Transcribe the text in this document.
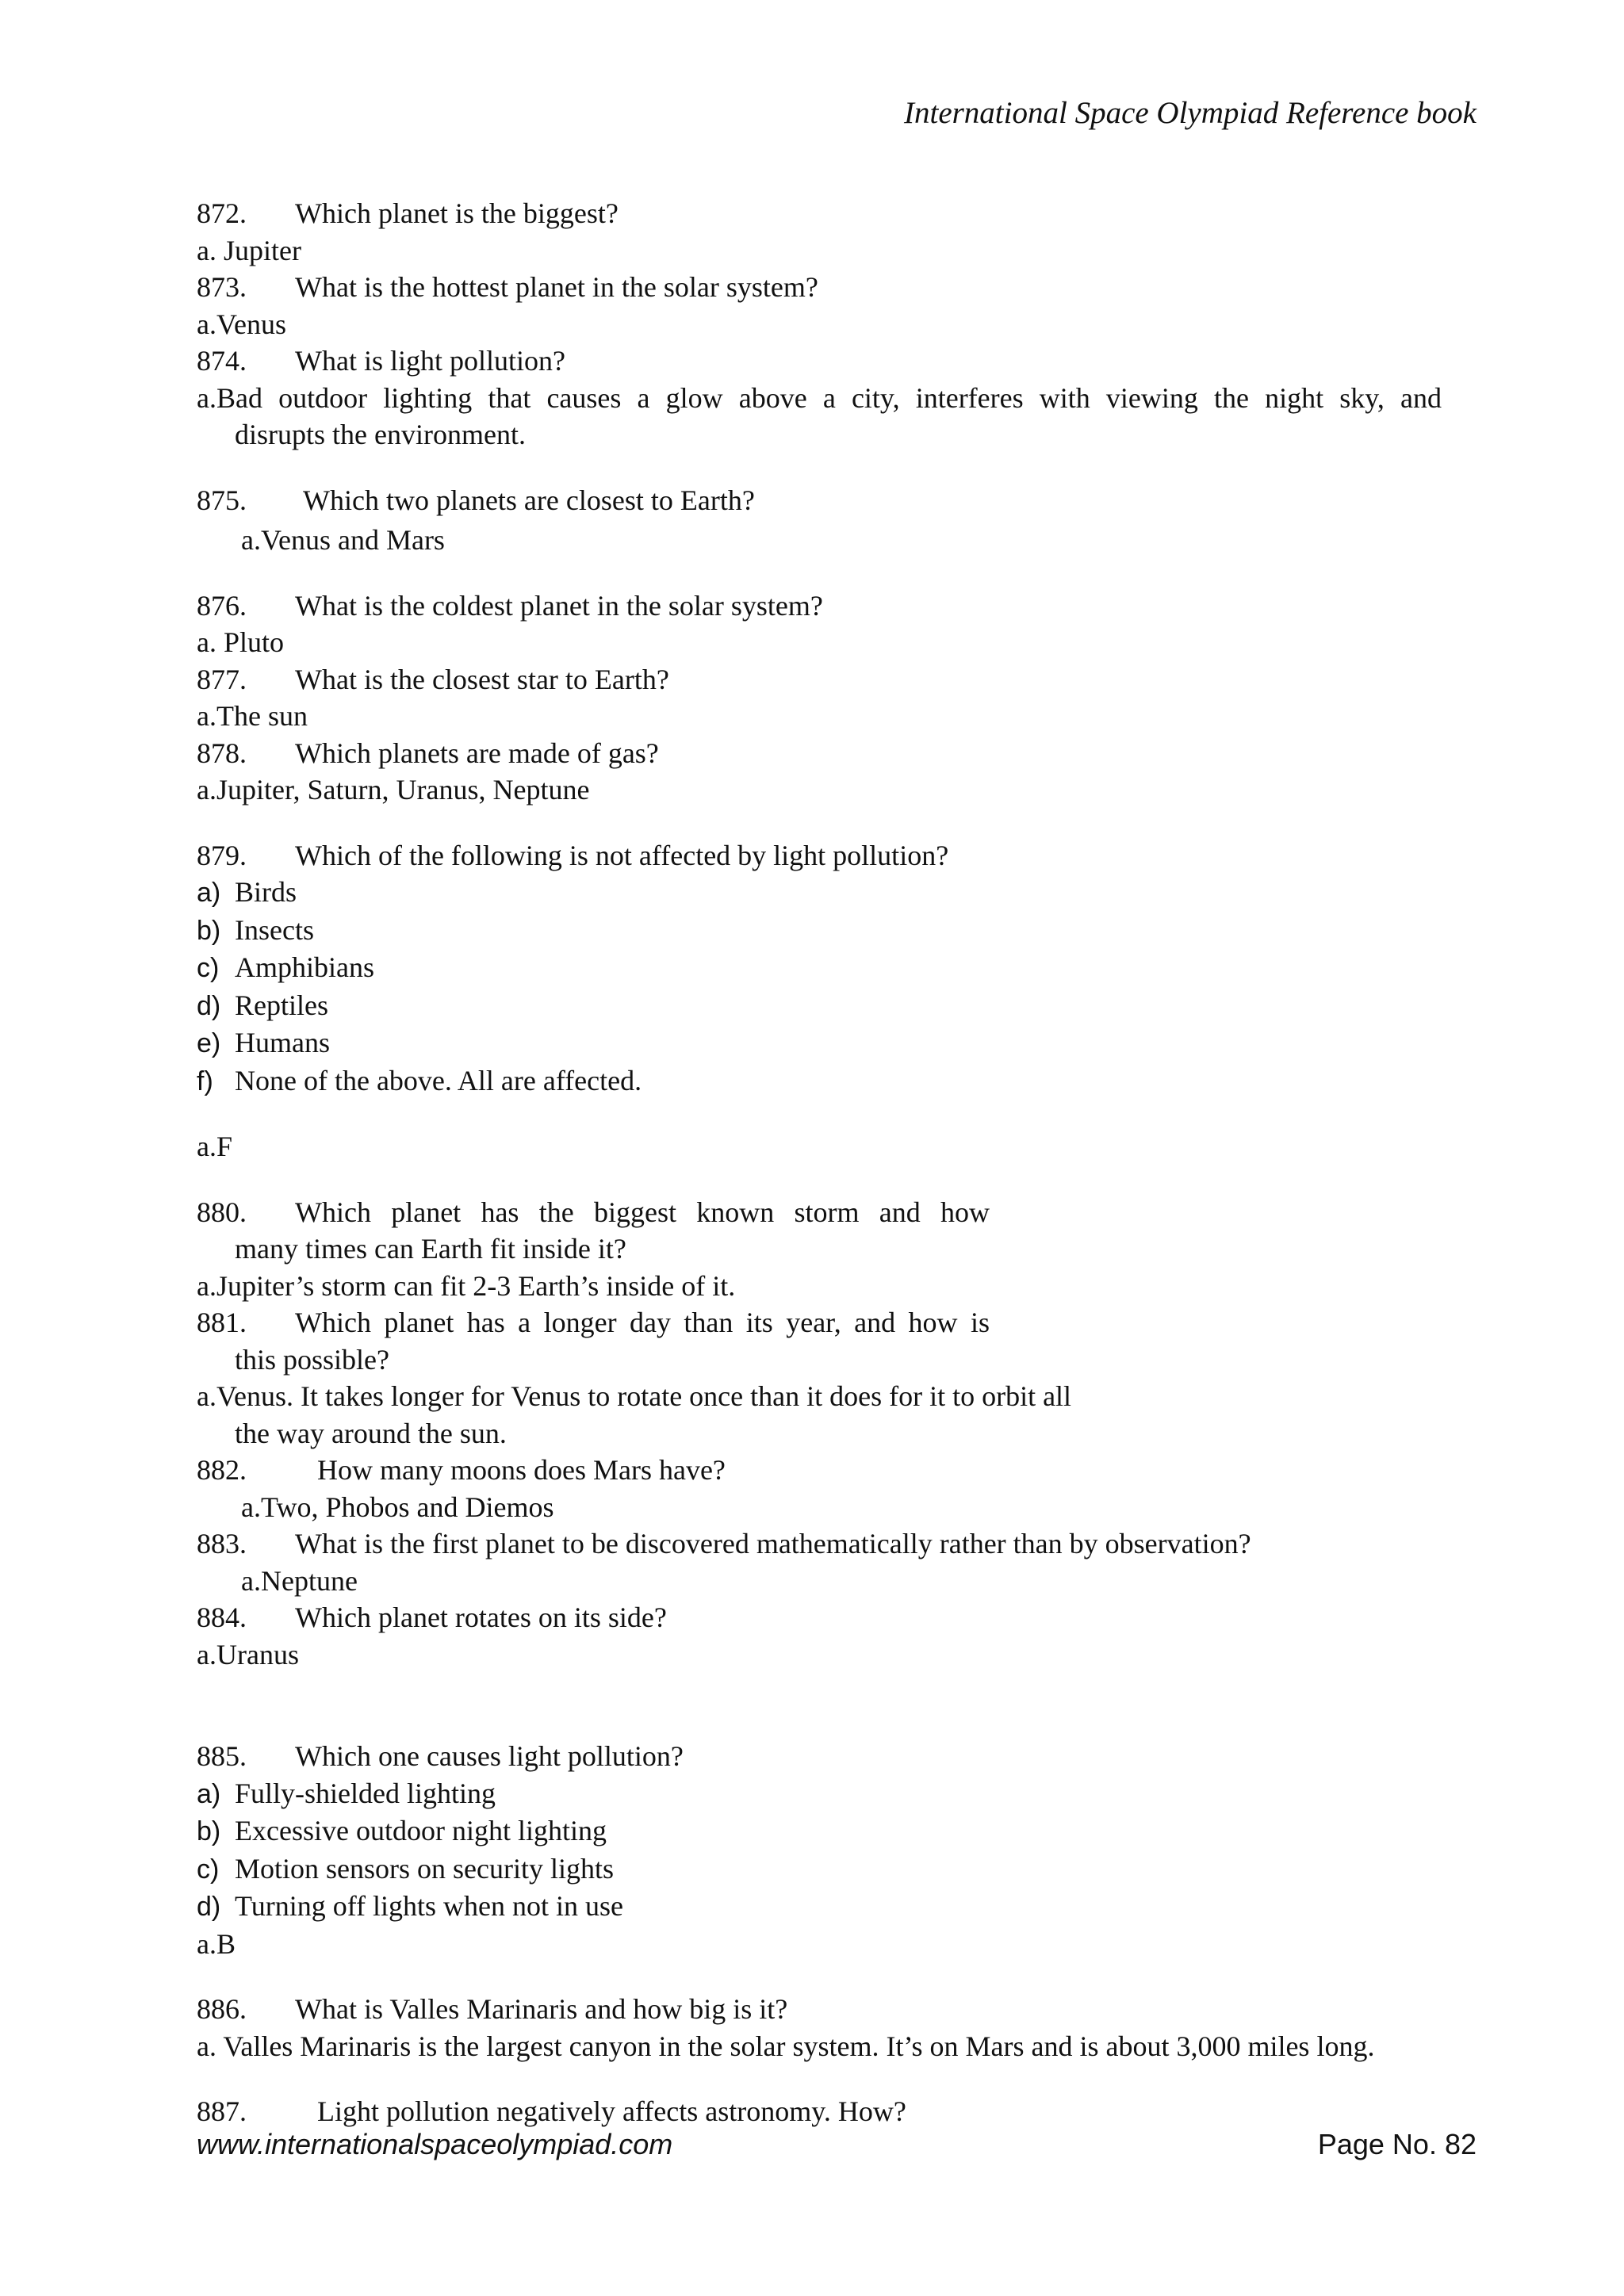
International Space Olympiad Reference book
872. Which planet is the biggest?
a. Jupiter
873. What is the hottest planet in the solar system?
a.Venus
874. What is light pollution?
a.Bad outdoor lighting that causes a glow above a city, interferes with viewing the night sky, and
disrupts the environment.
875. Which two planets are closest to Earth?
a.Venus and Mars
876. What is the coldest planet in the solar system?
a. Pluto
877. What is the closest star to Earth?
a.The sun
878. Which planets are made of gas?
a.Jupiter, Saturn, Uranus, Neptune
879. Which of the following is not affected by light pollution?
a) Birds
b) Insects
c) Amphibians
d) Reptiles
e) Humans
f) None of the above. All are affected.
a.F
880. Which planet has the biggest known storm and how
many times can Earth fit inside it?
a.Jupiter’s storm can fit 2-3 Earth’s inside of it.
881. Which planet has a longer day than its year, and how is
this possible?
a.Venus. It takes longer for Venus to rotate once than it does for it to orbit all
the way around the sun.
882. How many moons does Mars have?
a.Two, Phobos and Diemos
883. What is the first planet to be discovered mathematically rather than by observation?
a.Neptune
884. Which planet rotates on its side?
a.Uranus
885. Which one causes light pollution?
a) Fully-shielded lighting
b) Excessive outdoor night lighting
c) Motion sensors on security lights
d) Turning off lights when not in use
a.B
886. What is Valles Marinaris and how big is it?
a. Valles Marinaris is the largest canyon in the solar system. It’s on Mars and is about 3,000 miles long.
887. Light pollution negatively affects astronomy. How?
www.internationalspaceolympiad.com	Page No. 82
